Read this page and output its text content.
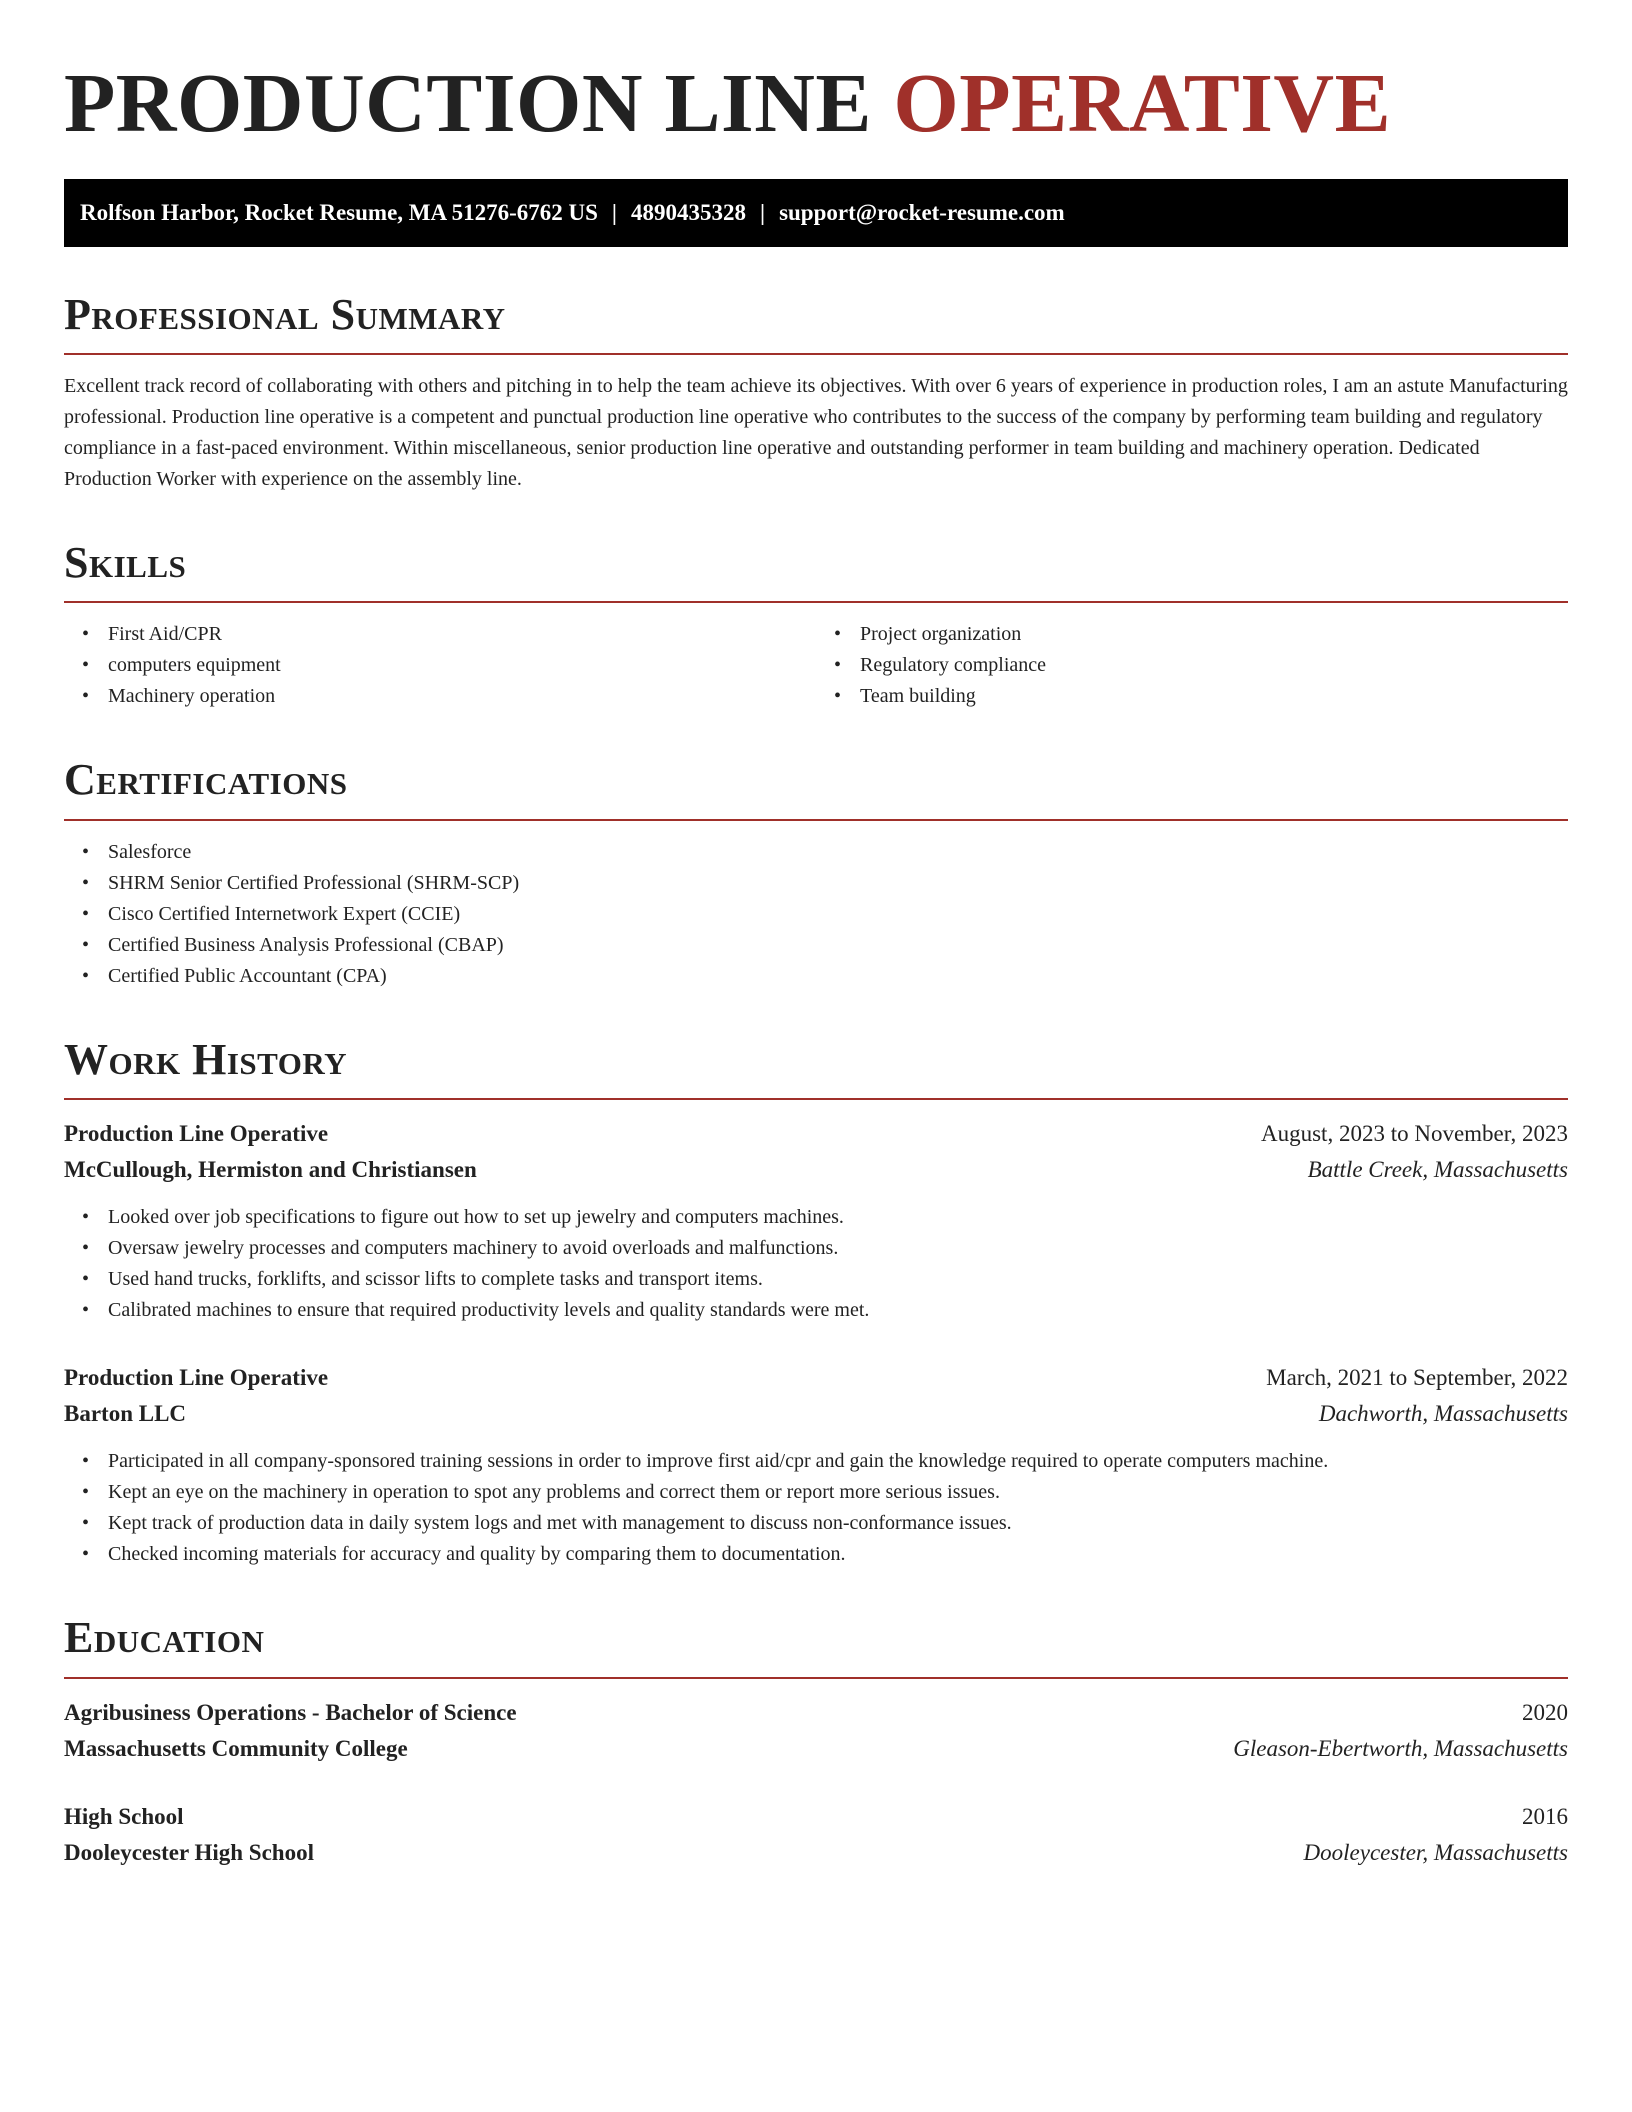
PRODUCTION LINE OPERATIVE
Rolfson Harbor, Rocket Resume, MA 51276-6762 US | 4890435328 | support@rocket-resume.com
Professional Summary

Excellent track record of collaborating with others and pitching in to help the team achieve its objectives. With over 6 years of experience in production roles, I am an astute Manufacturing professional. Production line operative is a competent and punctual production line operative who contributes to the success of the company by performing team building and regulatory compliance in a fast-paced environment. Within miscellaneous, senior production line operative and outstanding performer in team building and machinery operation. Dedicated Production Worker with experience on the assembly line.

Skills
• First Aid/CPR
• computers equipment
• Machinery operation
• Project organization
• Regulatory compliance
• Team building
Certifications
• Salesforce
• SHRM Senior Certified Professional (SHRM-SCP)
• Cisco Certified Internetwork Expert (CCIE)
• Certified Business Analysis Professional (CBAP)
• Certified Public Accountant (CPA)
Work History
Production Line Operative	August, 2023 to November, 2023
McCullough, Hermiston and Christiansen	Battle Creek, Massachusetts
• Looked over job specifications to figure out how to set up jewelry and computers machines.
• Oversaw jewelry processes and computers machinery to avoid overloads and malfunctions.
• Used hand trucks, forklifts, and scissor lifts to complete tasks and transport items.
• Calibrated machines to ensure that required productivity levels and quality standards were met.
Production Line Operative	March, 2021 to September, 2022
Barton LLC	Dachworth, Massachusetts
• Participated in all company-sponsored training sessions in order to improve first aid/cpr and gain the knowledge required to operate computers machine.
• Kept an eye on the machinery in operation to spot any problems and correct them or report more serious issues.
• Kept track of production data in daily system logs and met with management to discuss non-conformance issues.
• Checked incoming materials for accuracy and quality by comparing them to documentation.
Education
Agribusiness Operations - Bachelor of Science	2020
Massachusetts Community College	Gleason-Ebertworth, Massachusetts
High School	2016
Dooleycester High School	Dooleycester, Massachusetts
